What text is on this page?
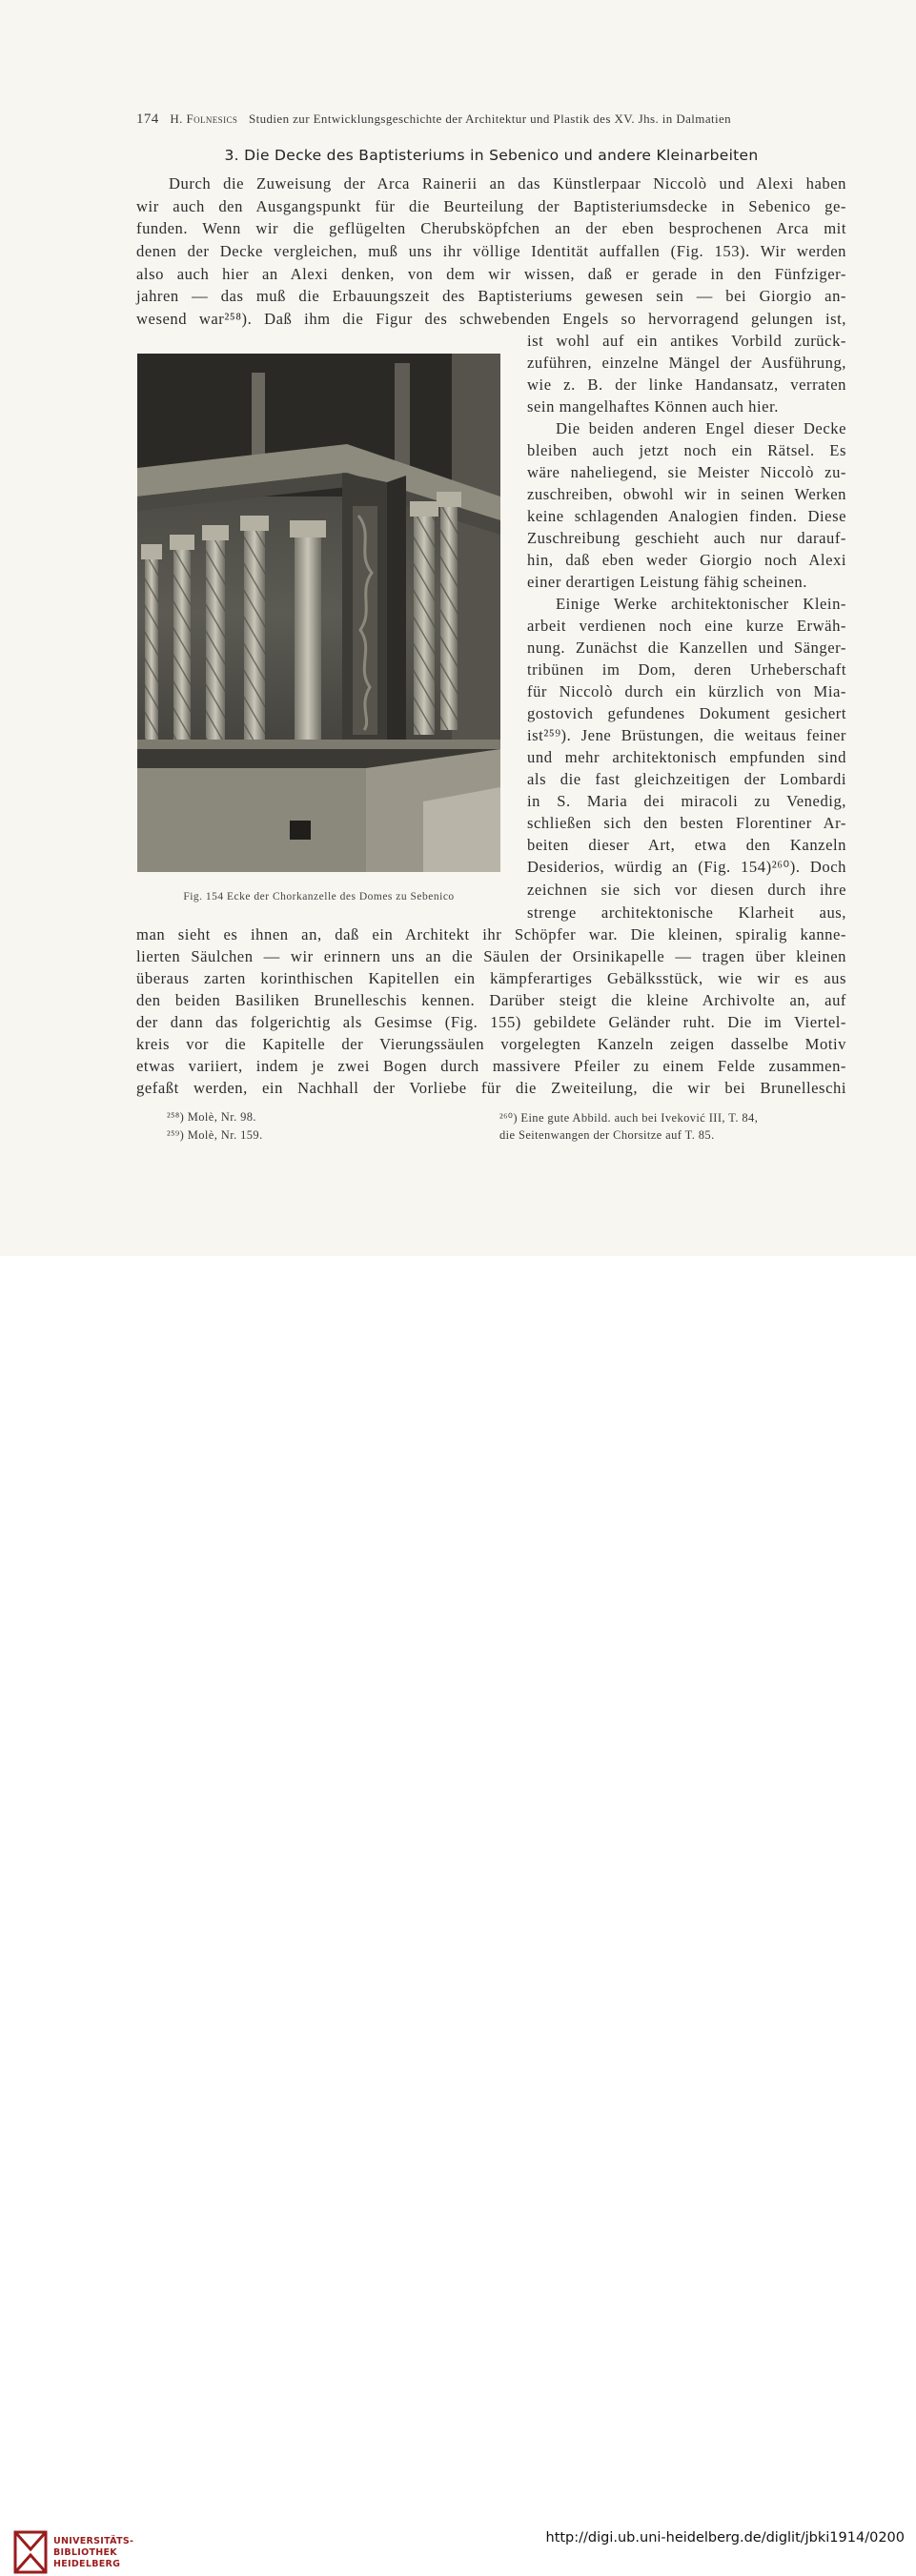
174 H. Folnesics Studien zur Entwicklungsgeschichte der Architektur und Plastik des XV. Jhs. in Dalmatien
3. Die Decke des Baptisteriums in Sebenico und andere Kleinarbeiten
Durch die Zuweisung der Arca Rainerii an das Künstlerpaar Niccolò und Alexi haben
wir auch den Ausgangspunkt für die Beurteilung der Baptisteriumsdecke in Sebenico ge-
funden. Wenn wir die geflügelten Cherubsköpfchen an der eben besprochenen Arca mit
denen der Decke vergleichen, muß uns ihr völlige Identität auffallen (Fig. 153). Wir werden
also auch hier an Alexi denken, von dem wir wissen, daß er gerade in den Fünfziger-
jahren — das muß die Erbauungszeit des Baptisteriums gewesen sein — bei Giorgio an-
wesend war²⁵⁸). Daß ihm die Figur des schwebenden Engels so hervorragend gelungen ist,
ist wohl auf ein antikes Vorbild zurück-
zuführen, einzelne Mängel der Ausführung,
wie z. B. der linke Handansatz, verraten
sein mangelhaftes Können auch hier.
Die beiden anderen Engel dieser Decke
bleiben auch jetzt noch ein Rätsel. Es
wäre naheliegend, sie Meister Niccolò zu-
zuschreiben, obwohl wir in seinen Werken
keine schlagenden Analogien finden. Diese
Zuschreibung geschieht auch nur darauf-
hin, daß eben weder Giorgio noch Alexi
einer derartigen Leistung fähig scheinen.
Einige Werke architektonischer Klein-
arbeit verdienen noch eine kurze Erwäh-
nung. Zunächst die Kanzellen und Sänger-
tribünen im Dom, deren Urheberschaft
für Niccolò durch ein kürzlich von Mia-
gostovich gefundenes Dokument gesichert
ist²⁵⁹). Jene Brüstungen, die weitaus feiner
und mehr architektonisch empfunden sind
als die fast gleichzeitigen der Lombardi
in S. Maria dei miracoli zu Venedig,
schließen sich den besten Florentiner Ar-
beiten dieser Art, etwa den Kanzeln
Desiderios, würdig an (Fig. 154)²⁶⁰). Doch
zeichnen sie sich vor diesen durch ihre
strenge architektonische Klarheit aus,
man sieht es ihnen an, daß ein Architekt ihr Schöpfer war. Die kleinen, spiralig kanne-
lierten Säulchen — wir erinnern uns an die Säulen der Orsinikapelle — tragen über kleinen
überaus zarten korinthischen Kapitellen ein kämpferartiges Gebälksstück, wie wir es aus
den beiden Basiliken Brunelleschis kennen. Darüber steigt die kleine Archivolte an, auf
der dann das folgerichtig als Gesimse (Fig. 155) gebildete Geländer ruht. Die im Viertel-
kreis vor die Kapitelle der Vierungssäulen vorgelegten Kanzeln zeigen dasselbe Motiv
etwas variiert, indem je zwei Bogen durch massivere Pfeiler zu einem Felde zusammen-
gefaßt werden, ein Nachhall der Vorliebe für die Zweiteilung, die wir bei Brunelleschi
Fig. 154 Ecke der Chorkanzelle des Domes zu Sebenico
²⁵⁸) Molè, Nr. 98.
²⁵⁹) Molè, Nr. 159.
²⁶⁰) Eine gute Abbild. auch bei Iveković III, T. 84,
die Seitenwangen der Chorsitze auf T. 85.
UNIVERSITÄTS-
BIBLIOTHEK
HEIDELBERG
http://digi.ub.uni-heidelberg.de/diglit/jbki1914/0200
